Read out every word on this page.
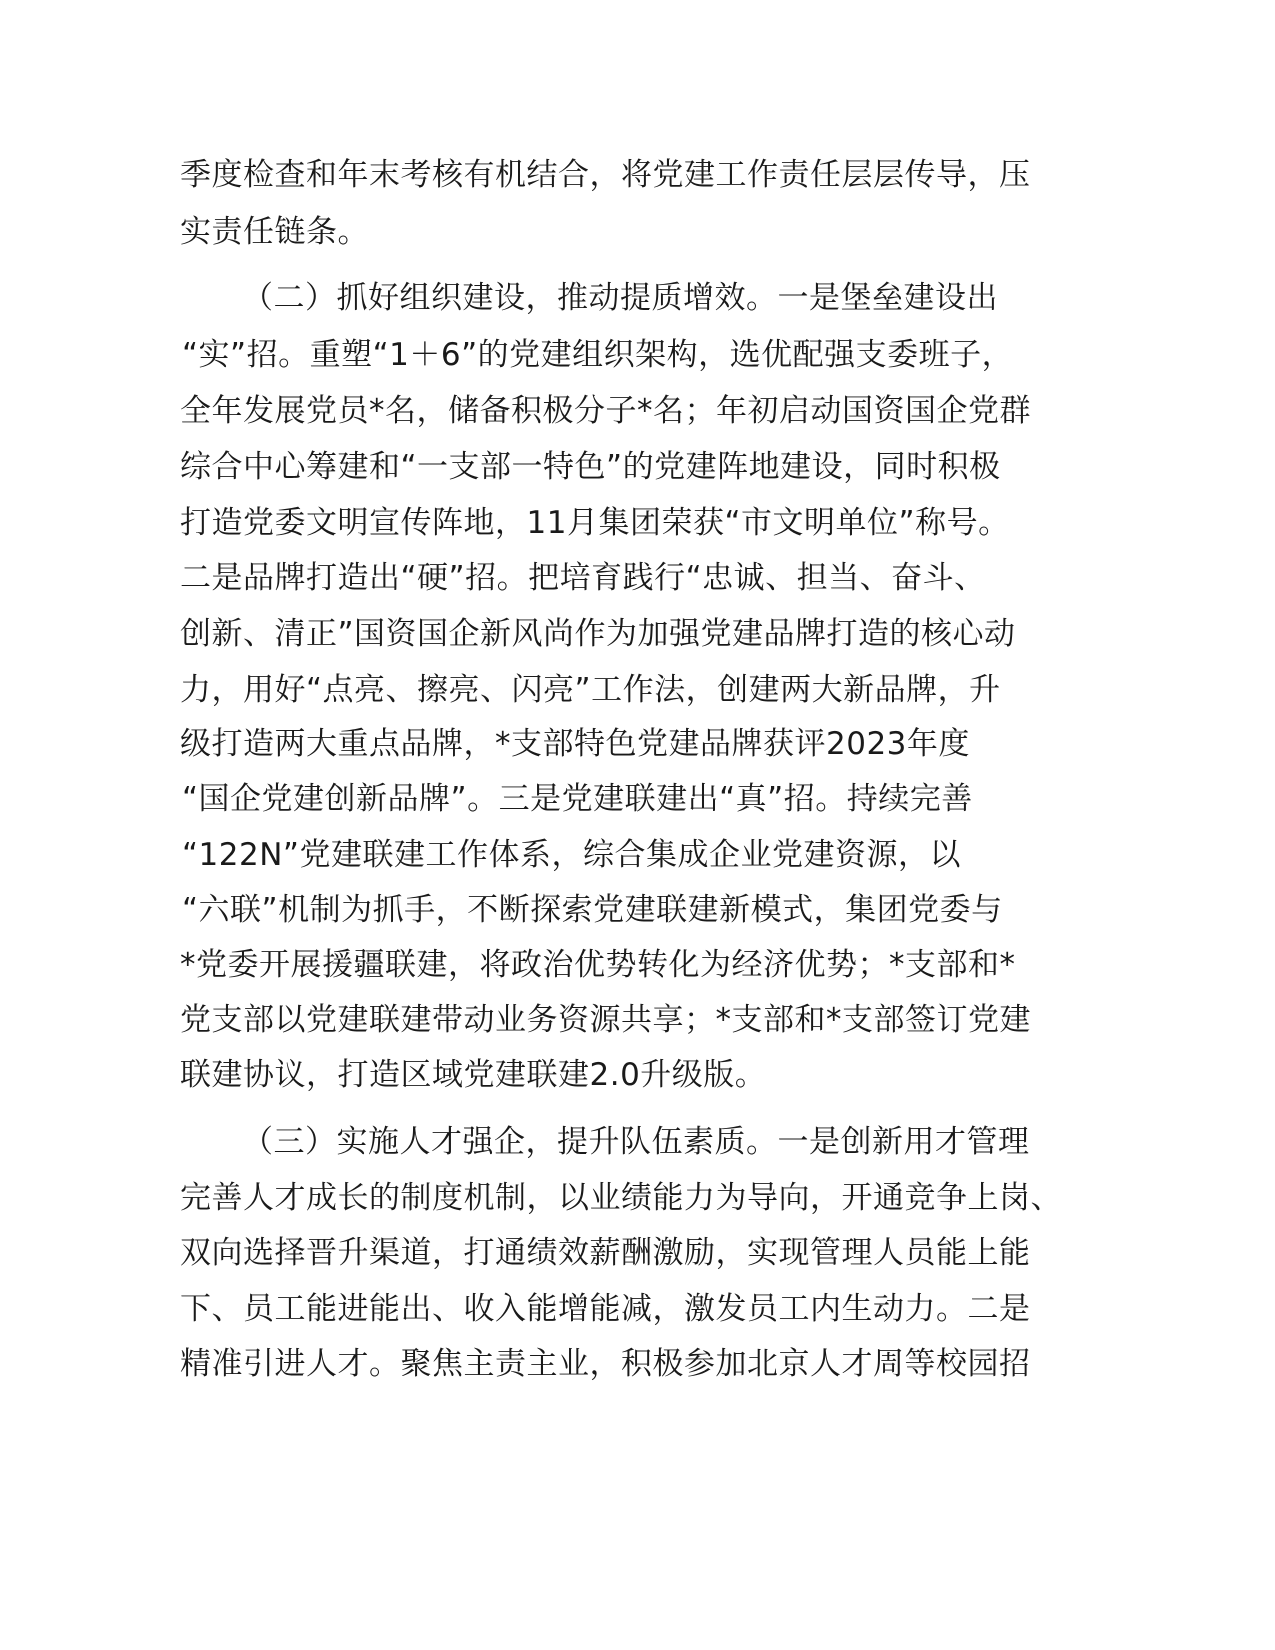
季度检查和年末考核有机结合，将党建工作责任层层传导，压
实责任链条。
（二）抓好组织建设，推动提质增效。一是堡垒建设出
“实”招。重塑“1＋6”的党建组织架构，选优配强支委班子，
全年发展党员*名，储备积极分子*名；年初启动国资国企党群
综合中心筹建和“一支部一特色”的党建阵地建设，同时积极
打造党委文明宣传阵地，11月集团荣获“市文明单位”称号。
二是品牌打造出“硬”招。把培育践行“忠诚、担当、奋斗、
创新、清正”国资国企新风尚作为加强党建品牌打造的核心动
力，用好“点亮、擦亮、闪亮”工作法，创建两大新品牌，升
级打造两大重点品牌，*支部特色党建品牌获评2023年度
“国企党建创新品牌”。三是党建联建出“真”招。持续完善
“122N”党建联建工作体系，综合集成企业党建资源，以
“六联”机制为抓手，不断探索党建联建新模式，集团党委与
*党委开展援疆联建，将政治优势转化为经济优势；*支部和*
党支部以党建联建带动业务资源共享；*支部和*支部签订党建
联建协议，打造区域党建联建2.0升级版。
（三）实施人才强企，提升队伍素质。一是创新用才管理
完善人才成长的制度机制，以业绩能力为导向，开通竞争上岗、
双向选择晋升渠道，打通绩效薪酬激励，实现管理人员能上能
下、员工能进能出、收入能增能减，激发员工内生动力。二是
精准引进人才。聚焦主责主业，积极参加北京人才周等校园招
